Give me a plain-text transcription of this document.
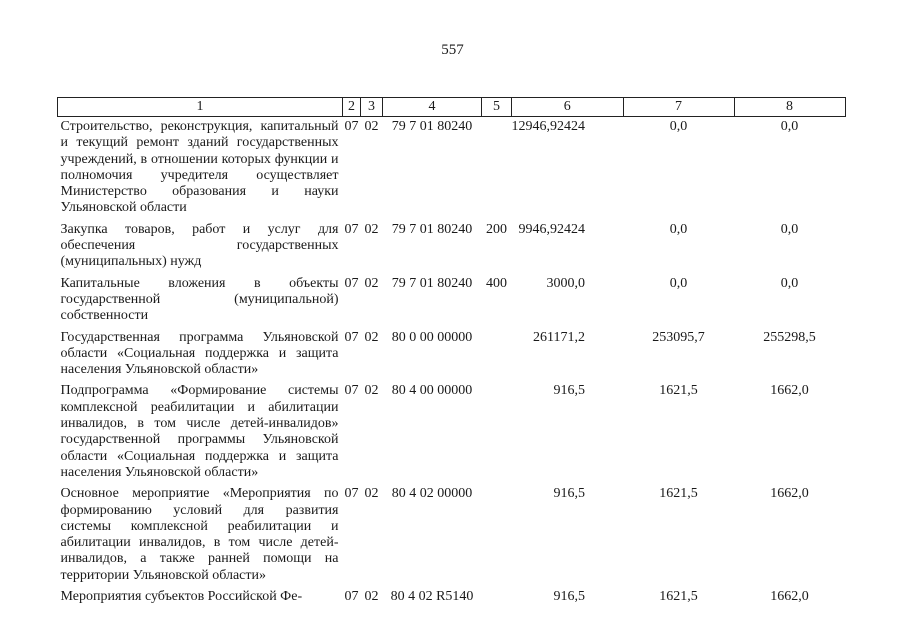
557
1	2	3	4	5	6	7	8
Строительство, реконструкция, капитальный и текущий ремонт зданий государственных учреждений, в отношении которых функции и полномочия учредителя осуществляет Министерство образования и науки Ульяновской области	07	02	79 7 01 80240		12946,92424	0,0	0,0
Закупка товаров, работ и услуг для обеспечения государственных (муниципальных) нужд	07	02	79 7 01 80240	200	9946,92424	0,0	0,0
Капитальные вложения в объекты государственной (муниципальной) собственности	07	02	79 7 01 80240	400	3000,0	0,0	0,0
Государственная программа Ульяновской области «Социальная поддержка и защита населения Ульяновской области»	07	02	80 0 00 00000		261171,2	253095,7	255298,5
Подпрограмма «Формирование системы комплексной реабилитации и абилитации инвалидов, в том числе детей-инвалидов» государственной программы Ульяновской области «Социальная поддержка и защита населения Ульяновской области»	07	02	80 4 00 00000		916,5	1621,5	1662,0
Основное мероприятие «Мероприятия по формированию условий для развития системы комплексной реабилитации и абилитации инвалидов, в том числе детей-инвалидов, а также ранней помощи на территории Ульяновской области»	07	02	80 4 02 00000		916,5	1621,5	1662,0
Мероприятия субъектов Российской Фе-	07	02	80 4 02 R5140		916,5	1621,5	1662,0
